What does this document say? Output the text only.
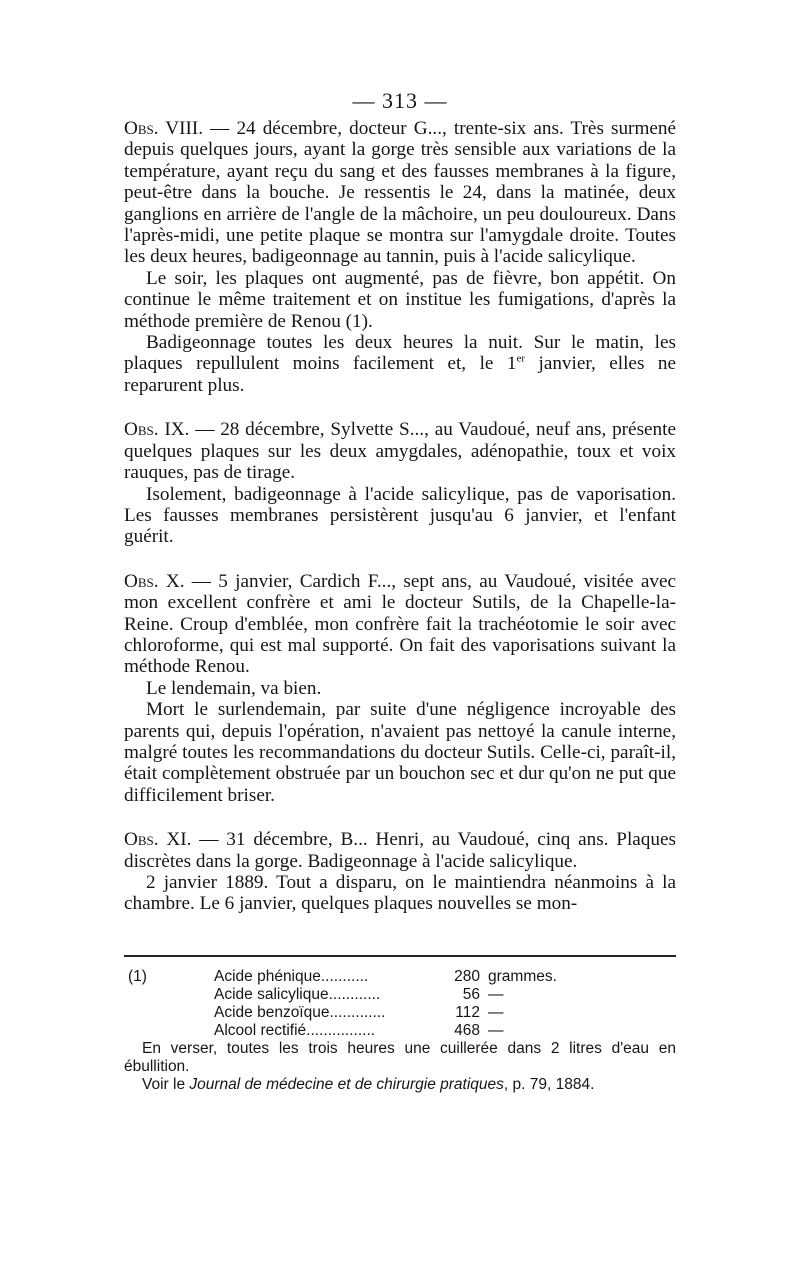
— 313 —

Obs. VIII. — 24 décembre, docteur G..., trente-six ans. Très surmené depuis quelques jours, ayant la gorge très sensible aux variations de la température, ayant reçu du sang et des fausses membranes à la figure, peut-être dans la bouche. Je ressentis le 24, dans la matinée, deux ganglions en arrière de l'angle de la mâchoire, un peu douloureux. Dans l'après-midi, une petite plaque se montra sur l'amygdale droite. Toutes les deux heures, badigeonnage au tannin, puis à l'acide salicylique.

Le soir, les plaques ont augmenté, pas de fièvre, bon appétit. On continue le même traitement et on institue les fumigations, d'après la méthode première de Renou (1).

Badigeonnage toutes les deux heures la nuit. Sur le matin, les plaques repullulent moins facilement et, le 1er janvier, elles ne reparurent plus.

Obs. IX. — 28 décembre, Sylvette S..., au Vaudoué, neuf ans, présente quelques plaques sur les deux amygdales, adénopathie, toux et voix rauques, pas de tirage.

Isolement, badigeonnage à l'acide salicylique, pas de vaporisation. Les fausses membranes persistèrent jusqu'au 6 janvier, et l'enfant guérit.

Obs. X. — 5 janvier, Cardich F..., sept ans, au Vaudoué, visitée avec mon excellent confrère et ami le docteur Sutils, de la Chapelle-la-Reine. Croup d'emblée, mon confrère fait la trachéotomie le soir avec chloroforme, qui est mal supporté. On fait des vaporisations suivant la méthode Renou.

Le lendemain, va bien.

Mort le surlendemain, par suite d'une négligence incroyable des parents qui, depuis l'opération, n'avaient pas nettoyé la canule interne, malgré toutes les recommandations du docteur Sutils. Celle-ci, paraît-il, était complètement obstruée par un bouchon sec et dur qu'on ne put que difficilement briser.

Obs. XI. — 31 décembre, B... Henri, au Vaudoué, cinq ans. Plaques discrètes dans la gorge. Badigeonnage à l'acide salicylique.

2 janvier 1889. Tout a disparu, on le maintiendra néanmoins à la chambre. Le 6 janvier, quelques plaques nouvelles se mon-

(1)	Acide phénique...........	280 grammes.
Acide salicylique............	56 —
Acide benzoïque.............	112 —
Alcool rectifié................	468 —

En verser, toutes les trois heures une cuillerée dans 2 litres d'eau en ébullition.

Voir le Journal de médecine et de chirurgie pratiques, p. 79, 1884.
